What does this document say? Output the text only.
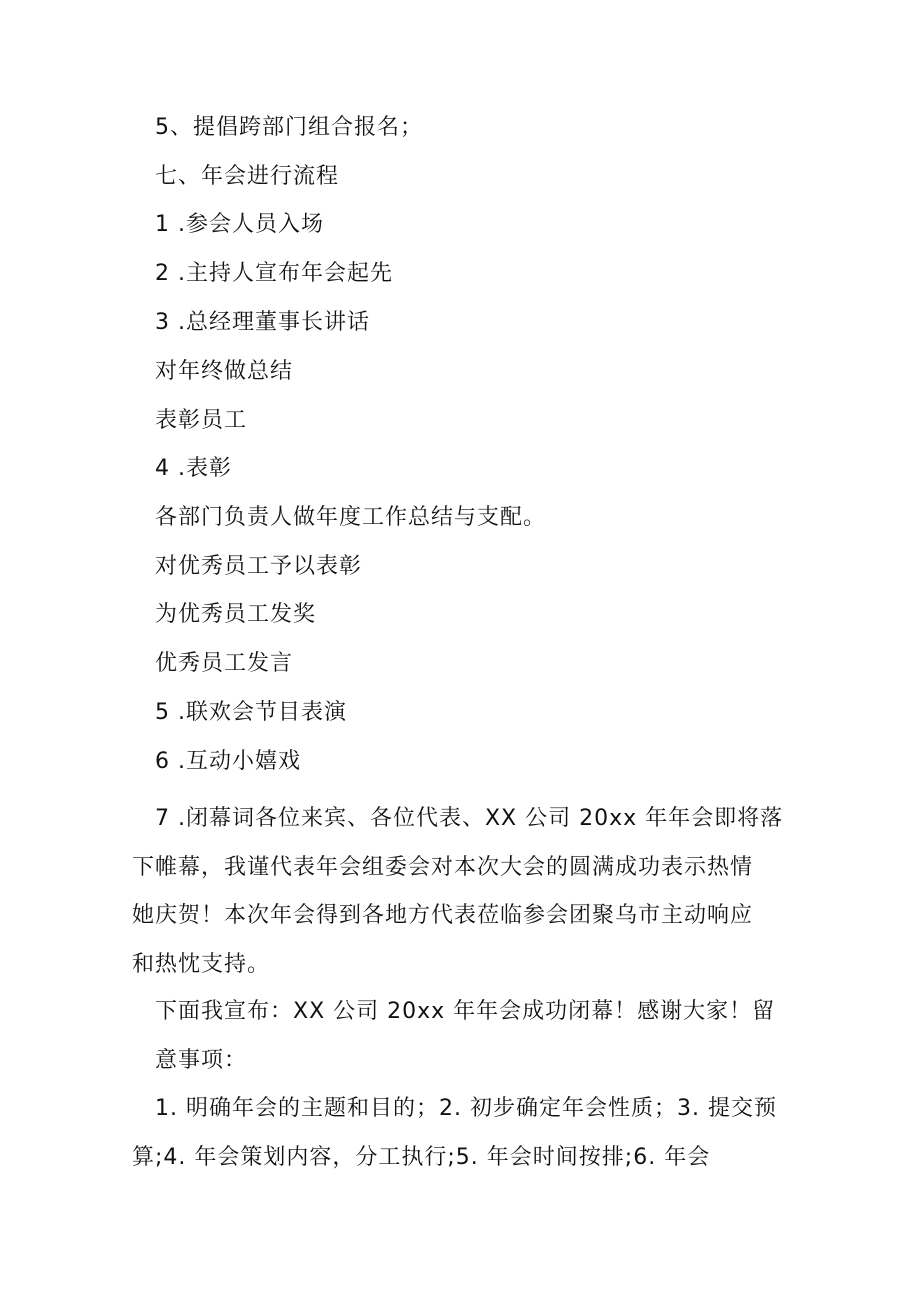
5、提倡跨部门组合报名；
七、年会进行流程
1 .参会人员入场
2 .主持人宣布年会起先
3 .总经理董事长讲话
对年终做总结
表彰员工
4 .表彰
各部门负责人做年度工作总结与支配。
对优秀员工予以表彰
为优秀员工发奖
优秀员工发言
5 .联欢会节目表演
6 .互动小嬉戏
7 .闭幕词各位来宾、各位代表、XX 公司 20xx 年年会即将落
下帷幕，我谨代表年会组委会对本次大会的圆满成功表示热情
她庆贺！本次年会得到各地方代表莅临参会团聚乌市主动响应
和热忱支持。
下面我宣布：XX 公司 20xx 年年会成功闭幕！感谢大家！留
意事项：
1. 明确年会的主题和目的；2. 初步确定年会性质；3. 提交预
算;4. 年会策划内容，分工执行;5. 年会时间按排;6. 年会
